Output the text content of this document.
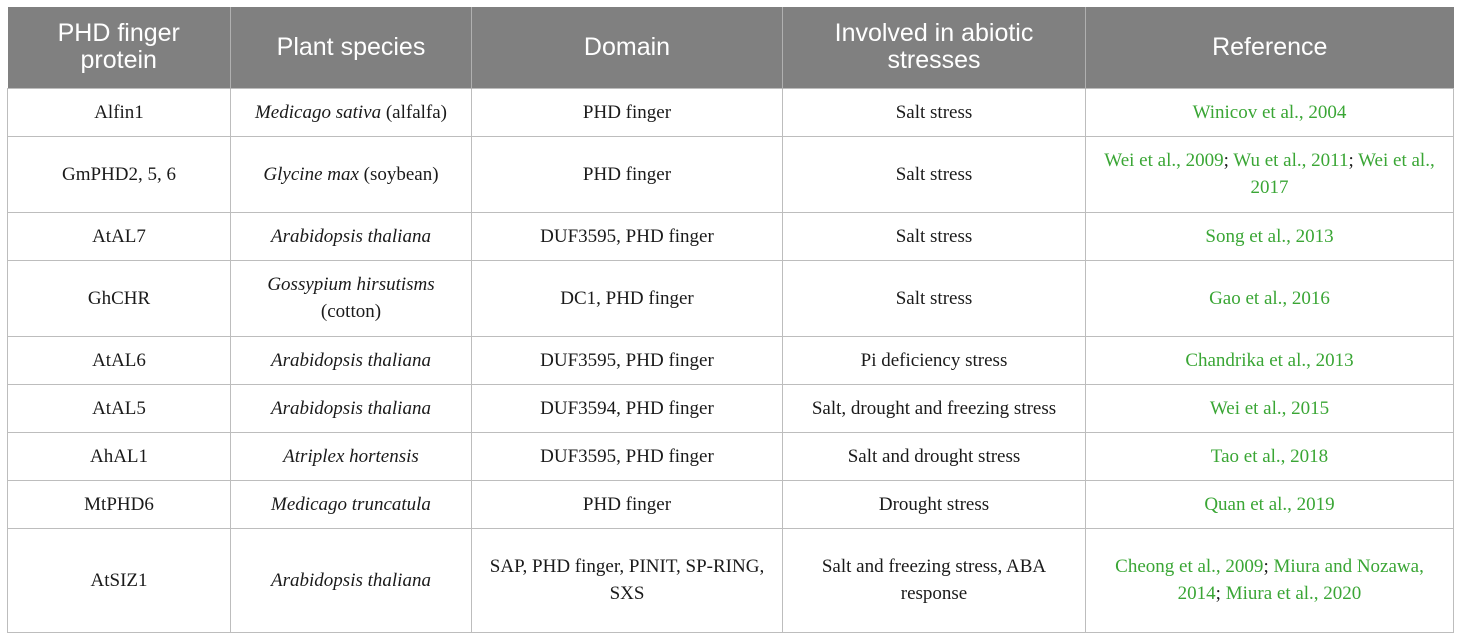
PHD finger protein	Plant species	Domain	Involved in abiotic stresses	Reference
Alfin1	Medicago sativa (alfalfa)	PHD finger	Salt stress	Winicov et al., 2004
GmPHD2, 5, 6	Glycine max (soybean)	PHD finger	Salt stress	Wei et al., 2009; Wu et al., 2011; Wei et al., 2017
AtAL7	Arabidopsis thaliana	DUF3595, PHD finger	Salt stress	Song et al., 2013
GhCHR	Gossypium hirsutisms (cotton)	DC1, PHD finger	Salt stress	Gao et al., 2016
AtAL6	Arabidopsis thaliana	DUF3595, PHD finger	Pi deficiency stress	Chandrika et al., 2013
AtAL5	Arabidopsis thaliana	DUF3594, PHD finger	Salt, drought and freezing stress	Wei et al., 2015
AhAL1	Atriplex hortensis	DUF3595, PHD finger	Salt and drought stress	Tao et al., 2018
MtPHD6	Medicago truncatula	PHD finger	Drought stress	Quan et al., 2019
AtSIZ1	Arabidopsis thaliana	SAP, PHD finger, PINIT, SP-RING, SXS	Salt and freezing stress, ABA response	Cheong et al., 2009; Miura and Nozawa, 2014; Miura et al., 2020
